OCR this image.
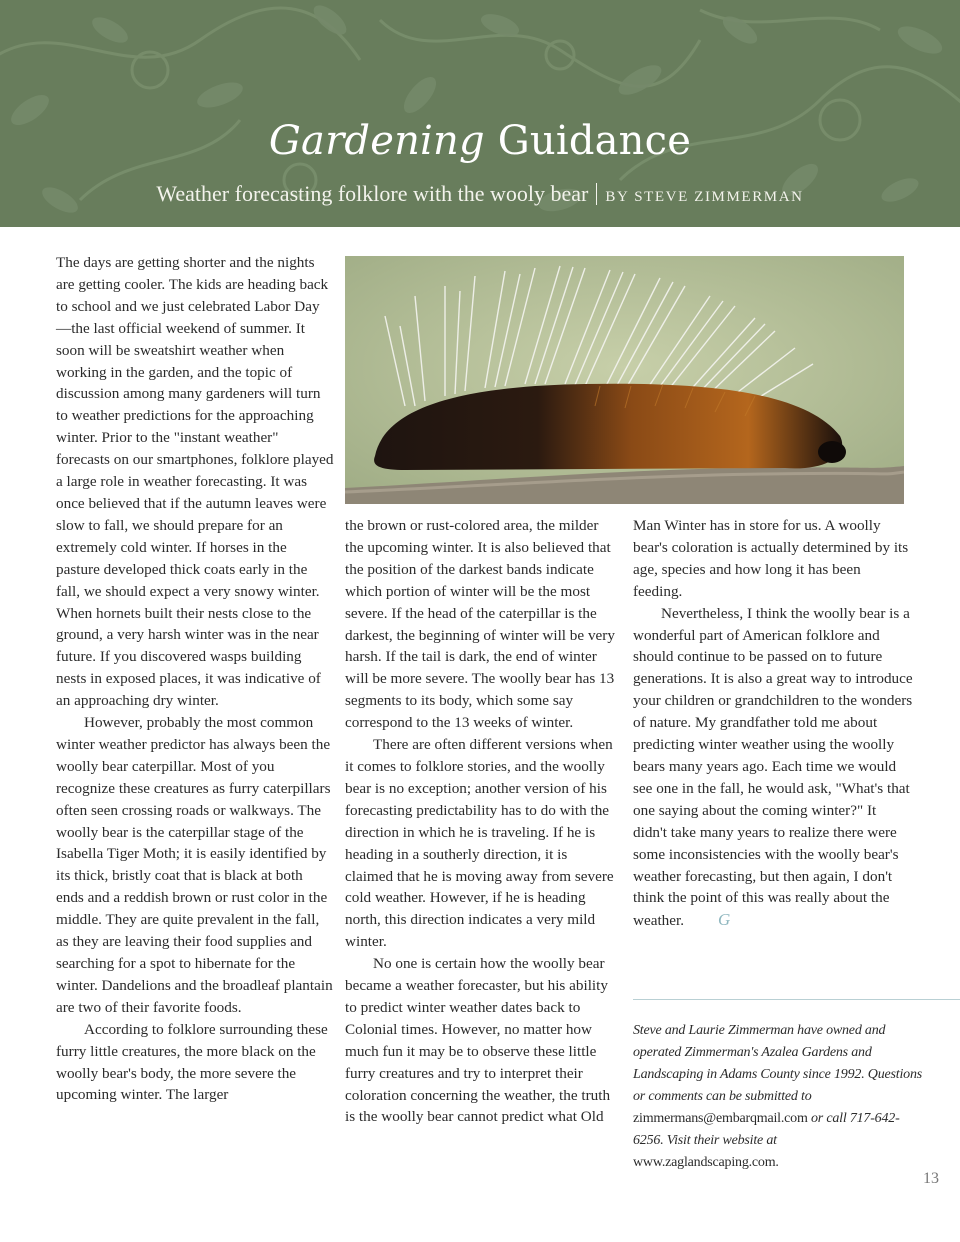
Gardening Guidance
Weather forecasting folklore with the wooly bear BY STEVE ZIMMERMAN

The days are getting shorter and the nights are getting cooler. The kids are heading back to school and we just celebrated Labor Day—the last official weekend of summer. It soon will be sweatshirt weather when working in the garden, and the topic of discussion among many gardeners will turn to weather predictions for the approaching winter. Prior to the "instant weather" forecasts on our smartphones, folklore played a large role in weather forecasting. It was once believed that if the autumn leaves were slow to fall, we should prepare for an extremely cold winter. If horses in the pasture developed thick coats early in the fall, we should expect a very snowy winter. When hornets built their nests close to the ground, a very harsh winter was in the near future. If you discovered wasps building nests in exposed places, it was indicative of an approaching dry winter.

However, probably the most common winter weather predictor has always been the woolly bear caterpillar. Most of you recognize these creatures as furry caterpillars often seen crossing roads or walkways. The woolly bear is the caterpillar stage of the Isabella Tiger Moth; it is easily identified by its thick, bristly coat that is black at both ends and a reddish brown or rust color in the middle. They are quite prevalent in the fall, as they are leaving their food supplies and searching for a spot to hibernate for the winter. Dandelions and the broadleaf plantain are two of their favorite foods.

According to folklore surrounding these furry little creatures, the more black on the woolly bear's body, the more severe the upcoming winter. The larger

the brown or rust-colored area, the milder the upcoming winter. It is also believed that the position of the darkest bands indicate which portion of winter will be the most severe. If the head of the caterpillar is the darkest, the beginning of winter will be very harsh. If the tail is dark, the end of winter will be more severe. The woolly bear has 13 segments to its body, which some say correspond to the 13 weeks of winter.

There are often different versions when it comes to folklore stories, and the woolly bear is no exception; another version of his forecasting predictability has to do with the direction in which he is traveling. If he is heading in a southerly direction, it is claimed that he is moving away from severe cold weather. However, if he is heading north, this direction indicates a very mild winter.

No one is certain how the woolly bear became a weather forecaster, but his ability to predict winter weather dates back to Colonial times. However, no matter how much fun it may be to observe these little furry creatures and try to interpret their coloration concerning the weather, the truth is the woolly bear cannot predict what Old

Man Winter has in store for us. A woolly bear's coloration is actually determined by its age, species and how long it has been feeding.

Nevertheless, I think the woolly bear is a wonderful part of American folklore and should continue to be passed on to future generations. It is also a great way to introduce your children or grandchildren to the wonders of nature. My grandfather told me about predicting winter weather using the woolly bears many years ago. Each time we would see one in the fall, he would ask, "What's that one saying about the coming winter?" It didn't take many years to realize there were some inconsistencies with the woolly bear's weather forecasting, but then again, I don't think the point of this was really about the weather. G

Steve and Laurie Zimmerman have owned and operated Zimmerman's Azalea Gardens and Landscaping in Adams County since 1992. Questions or comments can be submitted to zimmermans@embarqmail.com or call 717-642-6256. Visit their website at www.zaglandscaping.com.
13
